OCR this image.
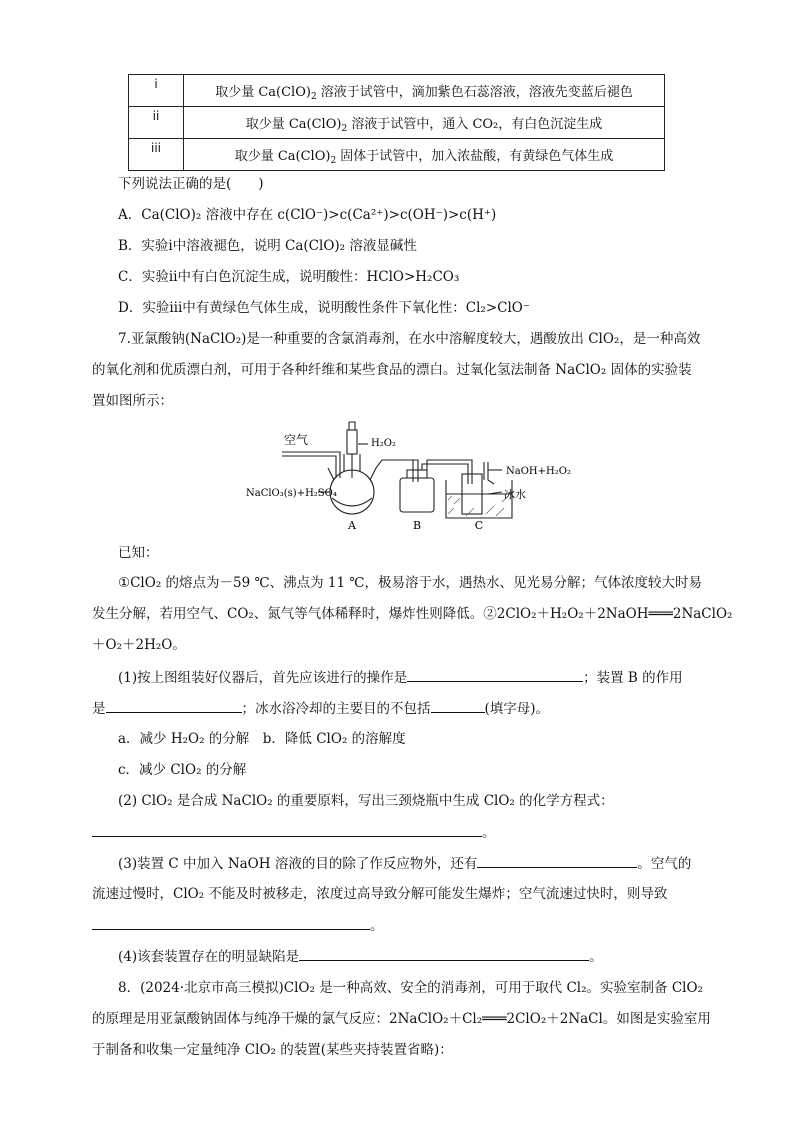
i	取少量 $Ca(ClO)_2$ 溶液于试管中，滴加紫色石蕊溶液，溶液先变蓝后褪色
ii	取少量 $Ca(ClO)_2$ 溶液于试管中，通入 CO₂，有白色沉淀生成
iii	取少量 $Ca(ClO)_2$ 固体于试管中，加入浓盐酸，有黄绿色气体生成
下列说法正确的是(　　)
A．Ca(ClO)₂ 溶液中存在 c(ClO⁻)>c(Ca²⁺)>c(OH⁻)>c(H⁺)
B．实验ⅰ中溶液褪色，说明 Ca(ClO)₂ 溶液显碱性
C．实验ⅱ中有白色沉淀生成，说明酸性：HClO>H₂CO₃
D．实验ⅲ中有黄绿色气体生成，说明酸性条件下氧化性：Cl₂>ClO⁻
7.亚氯酸钠(NaClO₂)是一种重要的含氯消毒剂，在水中溶解度较大，遇酸放出 ClO₂，是一种高效
的氧化剂和优质漂白剂，可用于各种纤维和某些食品的漂白。过氧化氢法制备 NaClO₂ 固体的实验装
置如图所示：
空气	H₂O₂
NaClO₃(s)+H₂SO₄
NaOH+H₂O₂
冰水
A	B	C
已知：
①ClO₂ 的熔点为－59 ℃、沸点为 11 ℃，极易溶于水，遇热水、见光易分解；气体浓度较大时易
发生分解，若用空气、CO₂、氮气等气体稀释时，爆炸性则降低。②2ClO₂＋H₂O₂＋2NaOH═══2NaClO₂
＋O₂＋2H₂O。
(1)按上图组装好仪器后，首先应该进行的操作是	；装置 B 的作用
是	；冰水浴冷却的主要目的不包括	(填字母)。
a．减少 H₂O₂ 的分解　b．降低 ClO₂ 的溶解度
c．减少 ClO₂ 的分解
(2) ClO₂ 是合成 NaClO₂ 的重要原料，写出三颈烧瓶中生成 ClO₂ 的化学方程式：
。
(3)装置 C 中加入 NaOH 溶液的目的除了作反应物外，还有	。空气的
流速过慢时，ClO₂ 不能及时被移走，浓度过高导致分解可能发生爆炸；空气流速过快时，则导致
。
(4)该套装置存在的明显缺陷是	。
8．(2024·北京市高三模拟)ClO₂ 是一种高效、安全的消毒剂，可用于取代 Cl₂。实验室制备 ClO₂
的原理是用亚氯酸钠固体与纯净干燥的氯气反应：2NaClO₂＋Cl₂═══2ClO₂＋2NaCl。如图是实验室用
于制备和收集一定量纯净 ClO₂ 的装置(某些夹持装置省略)：
